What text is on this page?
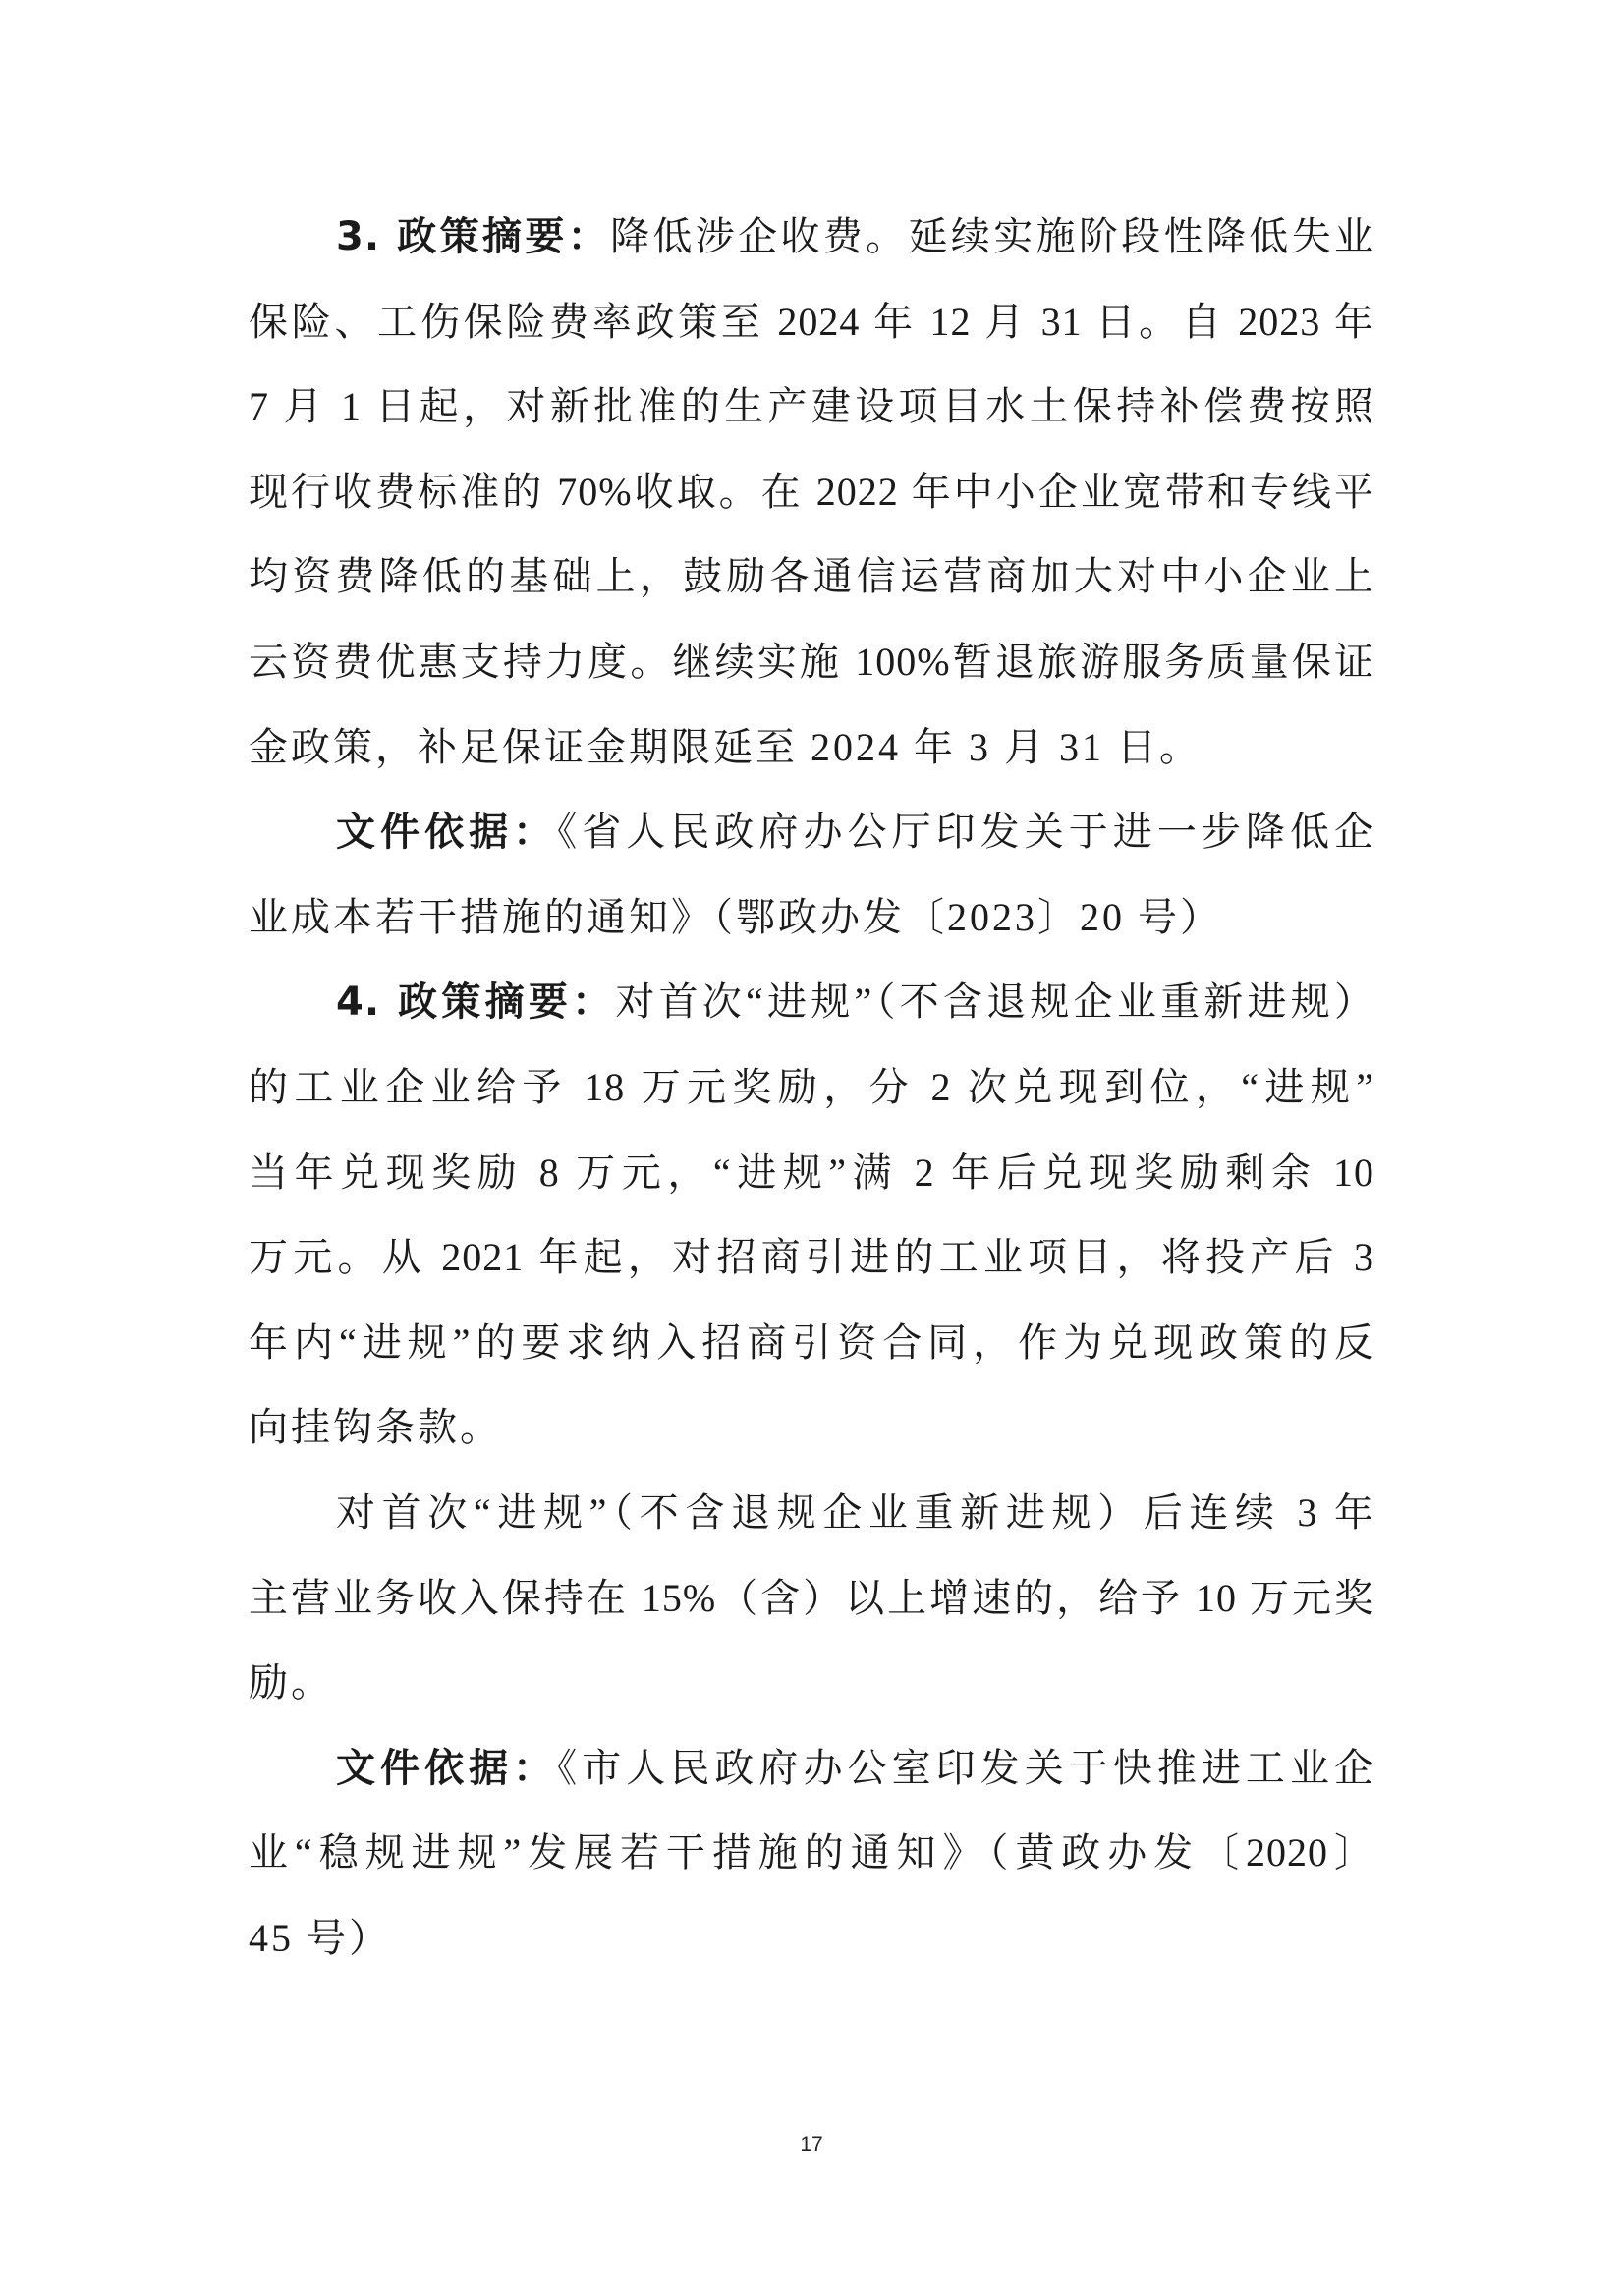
3. 政策摘要：降低涉企收费。延续实施阶段性降低失业
保险、工伤保险费率政策至 2024 年 12 月 31 日。自 2023 年
7 月 1 日起，对新批准的生产建设项目水土保持补偿费按照
现行收费标准的 70%收取。在 2022 年中小企业宽带和专线平
均资费降低的基础上，鼓励各通信运营商加大对中小企业上
云资费优惠支持力度。继续实施 100%暂退旅游服务质量保证
金政策，补足保证金期限延至 2024 年 3 月 31 日。
文件依据：《省人民政府办公厅印发关于进一步降低企
业成本若干措施的通知》（鄂政办发〔2023〕20 号）
4. 政策摘要：对首次“进规”（不含退规企业重新进规）
的工业企业给予 18 万元奖励，分 2 次兑现到位，“进规”
当年兑现奖励 8 万元，“进规”满 2 年后兑现奖励剩余 10
万元。从 2021 年起，对招商引进的工业项目，将投产后 3
年内“进规”的要求纳入招商引资合同，作为兑现政策的反
向挂钩条款。
对首次“进规”（不含退规企业重新进规）后连续 3 年
主营业务收入保持在 15%（含）以上增速的，给予 10 万元奖
励。
文件依据：《市人民政府办公室印发关于快推进工业企
业“稳规进规”发展若干措施的通知》（黄政办发〔2020〕
45 号）
17
